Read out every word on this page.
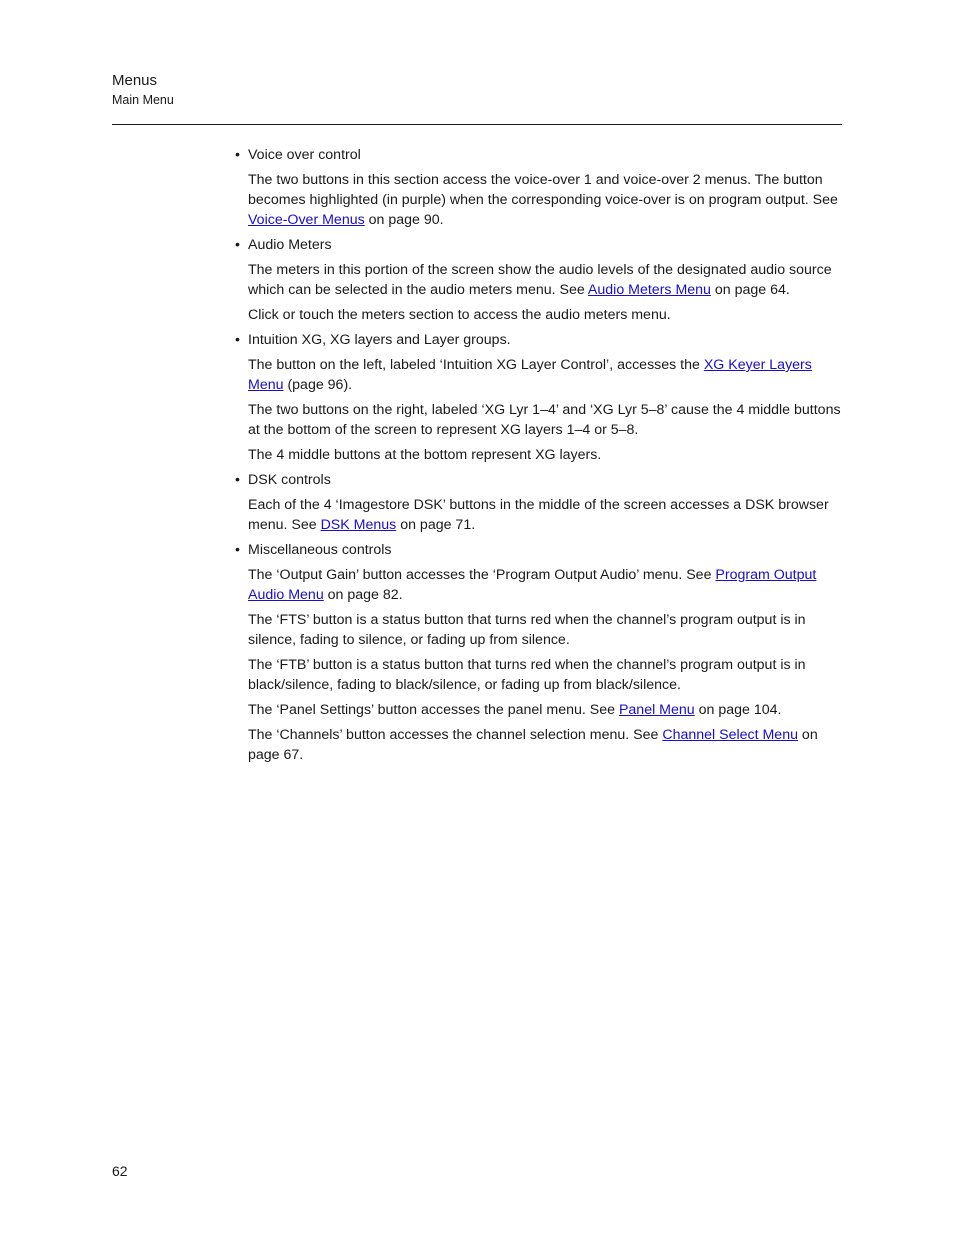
Menus
Main Menu
• Voice over control

The two buttons in this section access the voice-over 1 and voice-over 2 menus. The button becomes highlighted (in purple) when the corresponding voice-over is on program output. See Voice-Over Menus on page 90.

• Audio Meters

The meters in this portion of the screen show the audio levels of the designated audio source which can be selected in the audio meters menu. See Audio Meters Menu on page 64.

Click or touch the meters section to access the audio meters menu.

• Intuition XG, XG layers and Layer groups.

The button on the left, labeled ‘Intuition XG Layer Control’, accesses the XG Keyer Layers Menu (page 96).

The two buttons on the right, labeled ‘XG Lyr 1–4’ and ‘XG Lyr 5–8’ cause the 4 middle buttons at the bottom of the screen to represent XG layers 1–4 or 5–8.

The 4 middle buttons at the bottom represent XG layers.

• DSK controls

Each of the 4 ‘Imagestore DSK’ buttons in the middle of the screen accesses a DSK browser menu. See DSK Menus on page 71.

• Miscellaneous controls

The ‘Output Gain’ button accesses the ‘Program Output Audio’ menu. See Program Output Audio Menu on page 82.

The ‘FTS’ button is a status button that turns red when the channel’s program output is in silence, fading to silence, or fading up from silence.

The ‘FTB’ button is a status button that turns red when the channel’s program output is in black/silence, fading to black/silence, or fading up from black/silence.

The ‘Panel Settings’ button accesses the panel menu. See Panel Menu on page 104.

The ‘Channels’ button accesses the channel selection menu. See Channel Select Menu on page 67.

62
